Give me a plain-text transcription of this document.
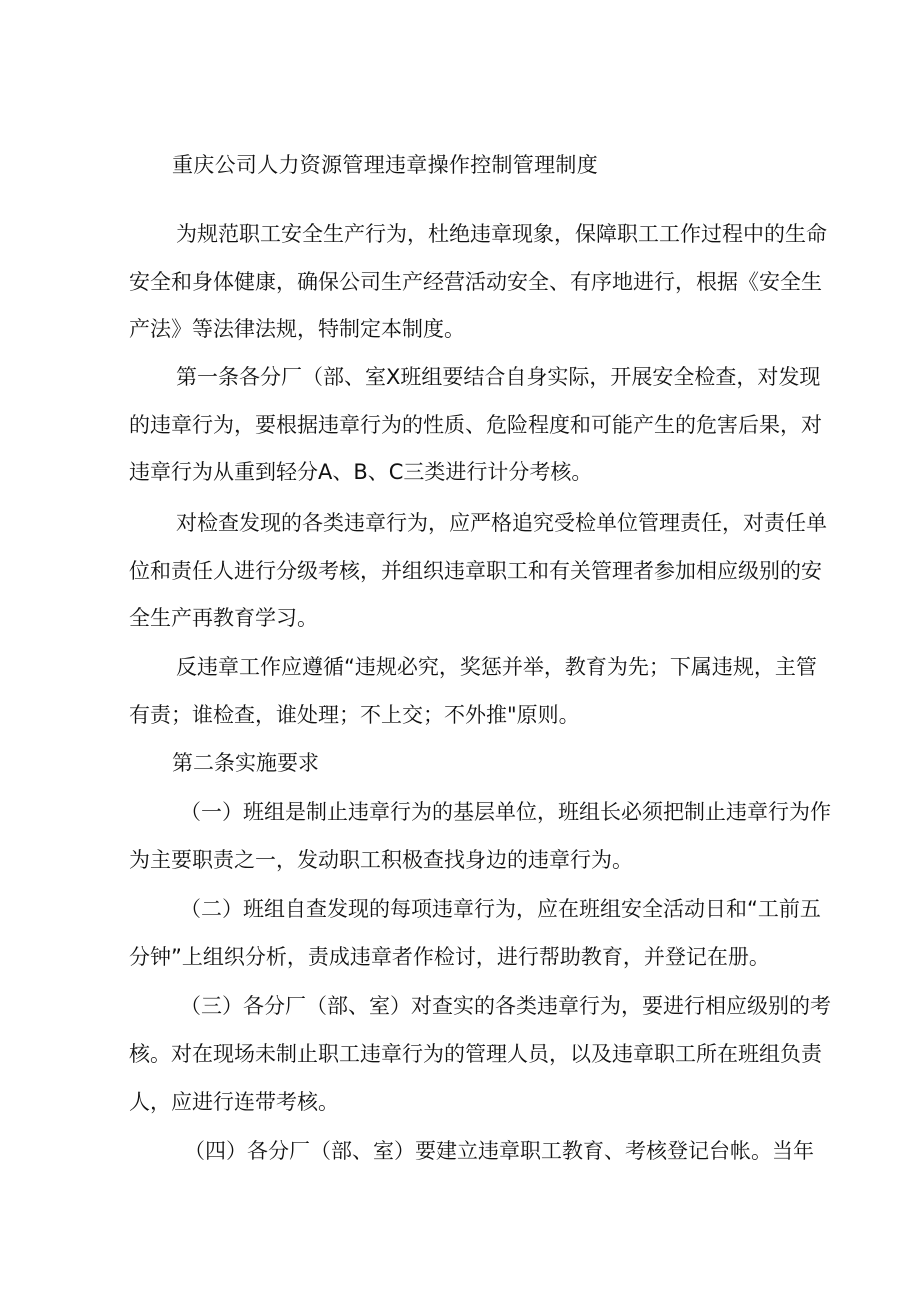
重庆公司人力资源管理违章操作控制管理制度
为规范职工安全生产行为，杜绝违章现象，保障职工工作过程中的生命
安全和身体健康，确保公司生产经营活动安全、有序地进行，根据《安全生
产法》等法律法规，特制定本制度。
第一条各分厂（部、室X班组要结合自身实际，开展安全检查，对发现
的违章行为，要根据违章行为的性质、危险程度和可能产生的危害后果，对
违章行为从重到轻分A、B、C三类进行计分考核。
对检查发现的各类违章行为，应严格追究受检单位管理责任，对责任单
位和责任人进行分级考核，并组织违章职工和有关管理者参加相应级别的安
全生产再教育学习。
反违章工作应遵循“违规必究，奖惩并举，教育为先；下属违规，主管
有责；谁检查，谁处理；不上交；不外推"原则。
第二条实施要求
（一）班组是制止违章行为的基层单位，班组长必须把制止违章行为作
为主要职责之一，发动职工积极查找身边的违章行为。
（二）班组自查发现的每项违章行为，应在班组安全活动日和“工前五
分钟”上组织分析，责成违章者作检讨，进行帮助教育，并登记在册。
（三）各分厂（部、室）对查实的各类违章行为，要进行相应级别的考
核。对在现场未制止职工违章行为的管理人员，以及违章职工所在班组负责
人，应进行连带考核。
（四）各分厂（部、室）要建立违章职工教育、考核登记台帐。当年
